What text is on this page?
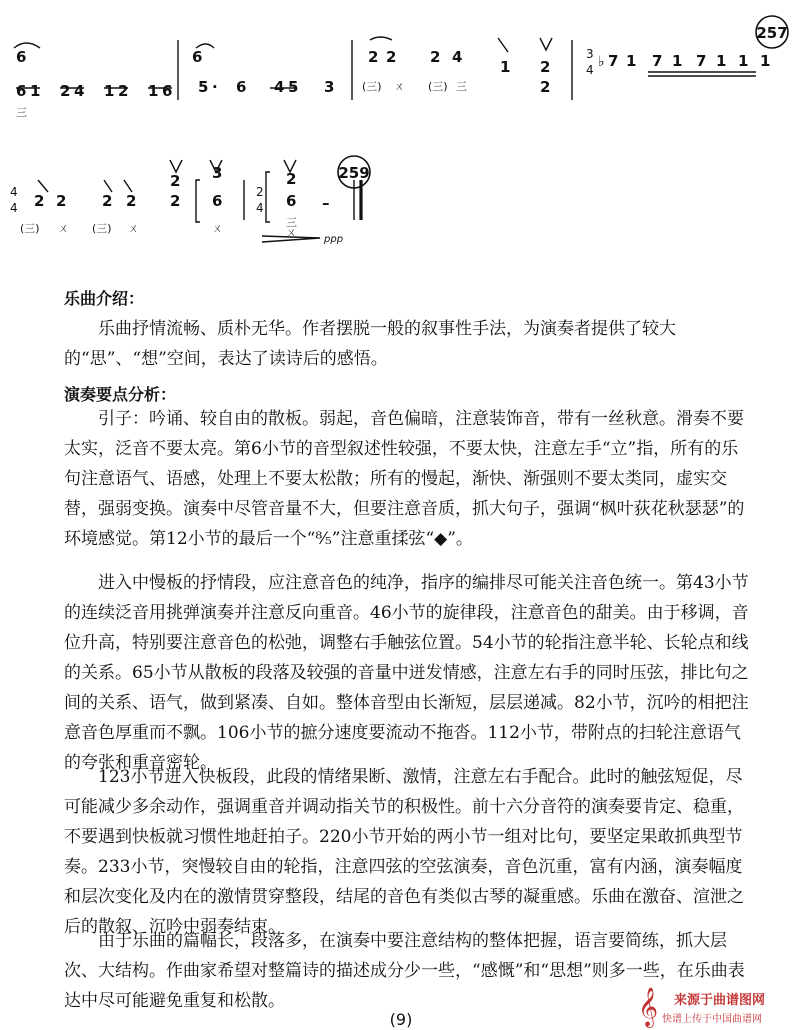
6
6 1 2 4 1 2 1 6
6
5 · 6 4 5 3
2 2 2 4
1 2
2
7 1 7 1 7 1 1 1
2 2 2 2
2
2
3
6
2
6 –
(三) ㄨ (三) 三
(三) ㄨ (三) ㄨ	ㄨ	三
ㄨ
三
3
4
4
4
2
4
♭
ppp
257
259

乐曲介绍：

乐曲抒情流畅、质朴无华。作者摆脱一般的叙事性手法，为演奏者提供了较大的“思”、“想”空间，表达了读诗后的感悟。

演奏要点分析：

引子：吟诵、较自由的散板。弱起，音色偏暗，注意装饰音，带有一丝秋意。滑奏不要太实，泛音不要太亮。第6小节的音型叙述性较强，不要太快，注意左手“立”指，所有的乐句注意语气、语感，处理上不要太松散；所有的慢起，渐快、渐强则不要太类同，虚实交替，强弱变换。演奏中尽管音量不大，但要注意音质，抓大句子，强调“枫叶荻花秋瑟瑟”的环境感觉。第12小节的最后一个“⁸⁄₅”注意重揉弦“◆”。

进入中慢板的抒情段，应注意音色的纯净，指序的编排尽可能关注音色统一。第43小节的连续泛音用挑弹演奏并注意反向重音。46小节的旋律段，注意音色的甜美。由于移调，音位升高，特别要注意音色的松弛，调整右手触弦位置。54小节的轮指注意半轮、长轮点和线的关系。65小节从散板的段落及较强的音量中迸发情感，注意左右手的同时压弦，排比句之间的关系、语气，做到紧凑、自如。整体音型由长渐短，层层递减。82小节，沉吟的相把注意音色厚重而不飘。106小节的摭分速度要流动不拖沓。112小节，带附点的扫轮注意语气的夸张和重音密轮。

123小节进入快板段，此段的情绪果断、激情，注意左右手配合。此时的触弦短促，尽可能减少多余动作，强调重音并调动指关节的积极性。前十六分音符的演奏要肯定、稳重，不要遇到快板就习惯性地赶拍子。220小节开始的两小节一组对比句，要坚定果敢抓典型节奏。233小节，突慢较自由的轮指，注意四弦的空弦演奏，音色沉重，富有内涵，演奏幅度和层次变化及内在的激情贯穿整段，结尾的音色有类似古琴的凝重感。乐曲在激奋、渲泄之后的散叙、沉吟中弱奏结束。

由于乐曲的篇幅长，段落多，在演奏中要注意结构的整体把握，语言要简练，抓大层次、大结构。作曲家希望对整篇诗的描述成分少一些，“感慨”和“思想”则多一些，在乐曲表达中尽可能避免重复和松散。

(9)	𝄞 来源于曲谱图网
快谱上传于中国曲谱网
